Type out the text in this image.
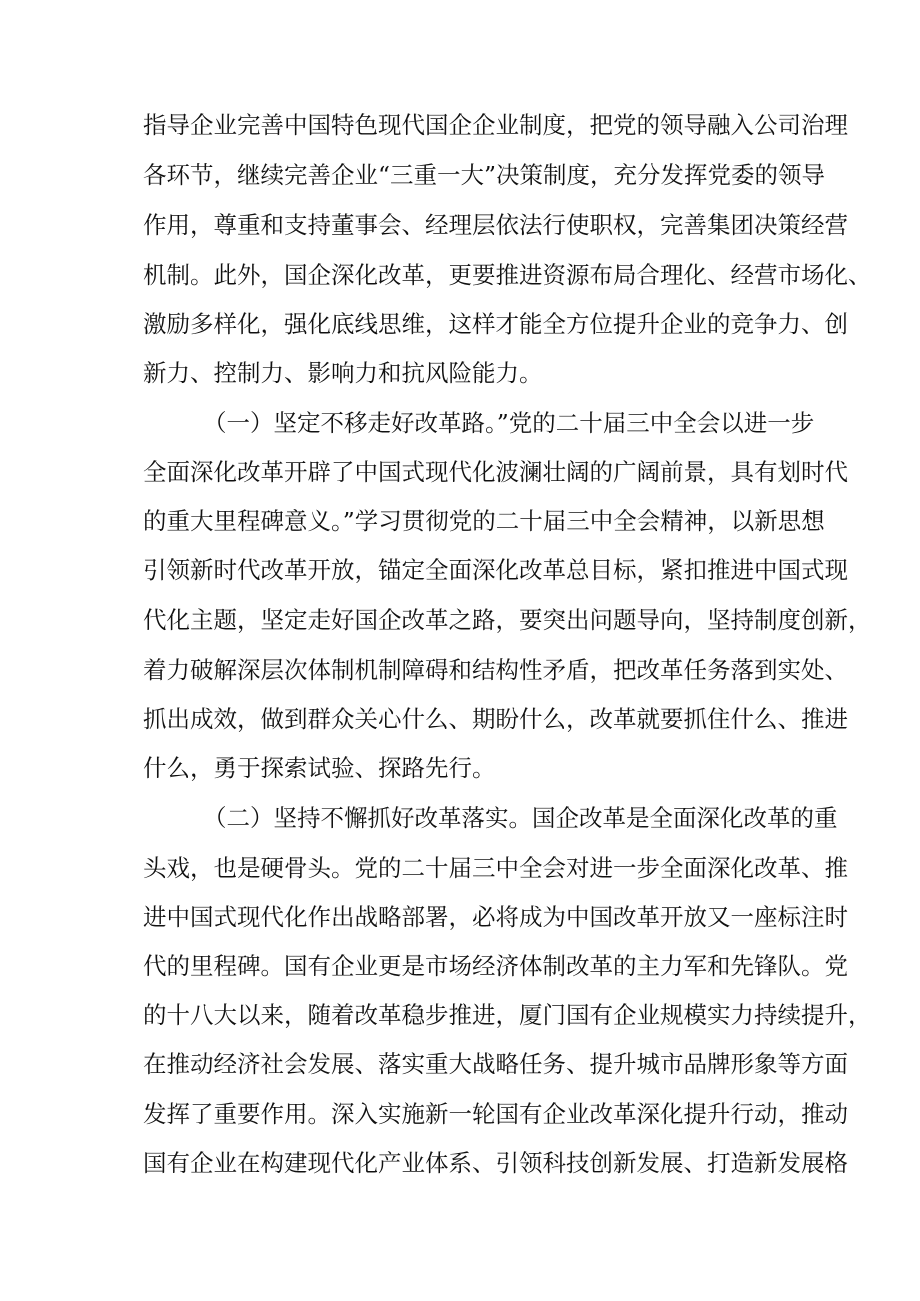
指导企业完善中国特色现代国企企业制度，把党的领导融入公司治理
各环节，继续完善企业“三重一大”决策制度，充分发挥党委的领导
作用，尊重和支持董事会、经理层依法行使职权，完善集团决策经营
机制。此外，国企深化改革，更要推进资源布局合理化、经营市场化、
激励多样化，强化底线思维，这样才能全方位提升企业的竞争力、创
新力、控制力、影响力和抗风险能力。
（一）坚定不移走好改革路。”党的二十届三中全会以进一步
全面深化改革开辟了中国式现代化波澜壮阔的广阔前景，具有划时代
的重大里程碑意义。”学习贯彻党的二十届三中全会精神，以新思想
引领新时代改革开放，锚定全面深化改革总目标，紧扣推进中国式现
代化主题，坚定走好国企改革之路，要突出问题导向，坚持制度创新，
着力破解深层次体制机制障碍和结构性矛盾，把改革任务落到实处、
抓出成效，做到群众关心什么、期盼什么，改革就要抓住什么、推进
什么，勇于探索试验、探路先行。
（二）坚持不懈抓好改革落实。国企改革是全面深化改革的重
头戏，也是硬骨头。党的二十届三中全会对进一步全面深化改革、推
进中国式现代化作出战略部署，必将成为中国改革开放又一座标注时
代的里程碑。国有企业更是市场经济体制改革的主力军和先锋队。党
的十八大以来，随着改革稳步推进，厦门国有企业规模实力持续提升，
在推动经济社会发展、落实重大战略任务、提升城市品牌形象等方面
发挥了重要作用。深入实施新一轮国有企业改革深化提升行动，推动
国有企业在构建现代化产业体系、引领科技创新发展、打造新发展格
